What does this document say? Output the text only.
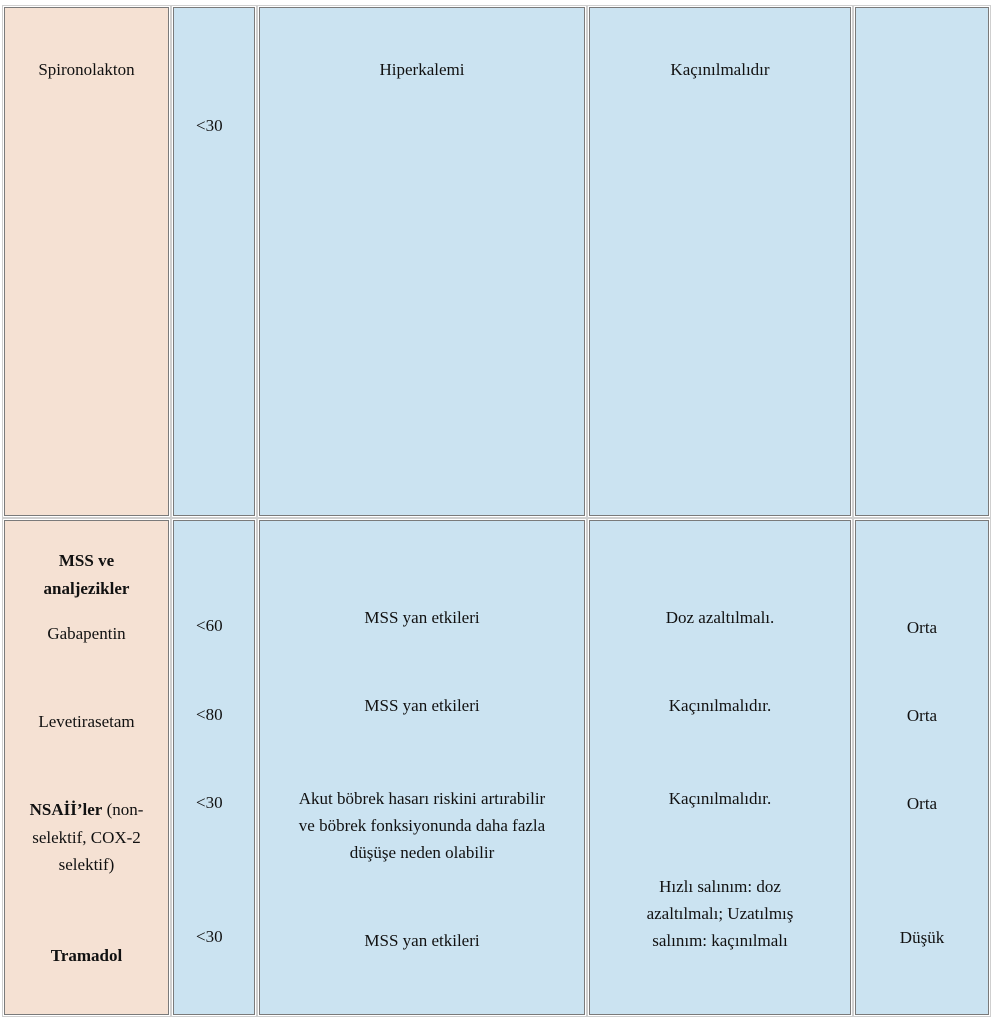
Spironolakton
<30
Hiperkalemi	Kaçınılmalıdır
MSS ve
analjezikler
Gabapentin
Levetirasetam
NSAİİ’ler (non-
selektif, COX-2
selektif)
Tramadol
<60
<80
<30
<30
MSS yan etkileri
MSS yan etkileri
Akut böbrek hasarı riskini artırabilir
ve böbrek fonksiyonunda daha fazla
düşüşe neden olabilir
MSS yan etkileri
Doz azaltılmalı.
Kaçınılmalıdır.
Kaçınılmalıdır.
Hızlı salınım: doz
azaltılmalı; Uzatılmış
salınım: kaçınılmalı
Orta
Orta
Orta
Düşük
